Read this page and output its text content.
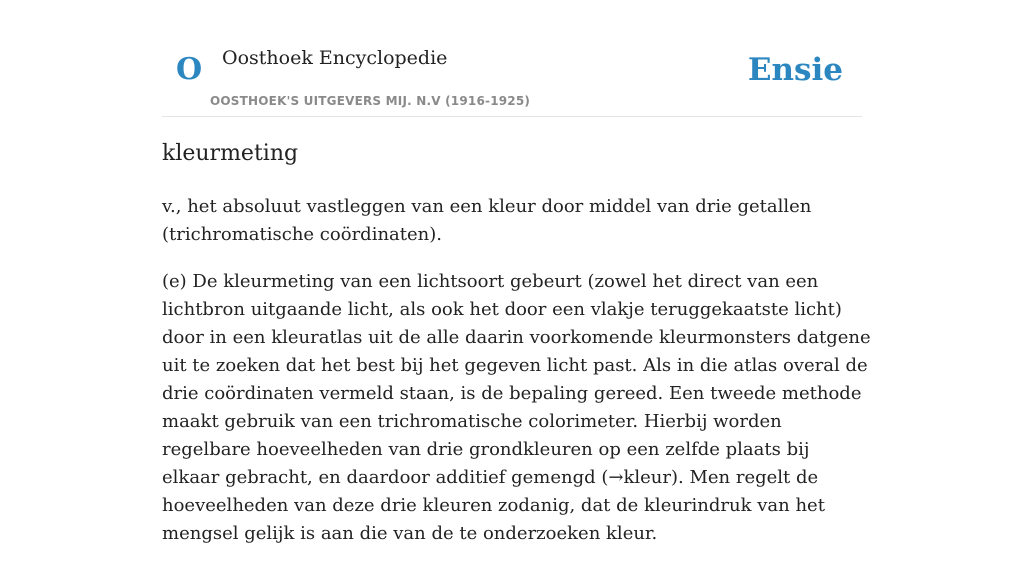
O Oosthoek Encyclopedie
OOSTHOEK'S UITGEVERS MIJ. N.V (1916-1925)
Ensie
kleurmeting

v., het absoluut vastleggen van een kleur door middel van drie getallen (trichromatische coördinaten).

(e) De kleurmeting van een lichtsoort gebeurt (zowel het direct van een lichtbron uitgaande licht, als ook het door een vlakje teruggekaatste licht) door in een kleuratlas uit de alle daarin voorkomende kleurmonsters datgene uit te zoeken dat het best bij het gegeven licht past. Als in die atlas overal de drie coördinaten vermeld staan, is de bepaling gereed. Een tweede methode maakt gebruik van een trichromatische colorimeter. Hierbij worden regelbare hoeveelheden van drie grondkleuren op een zelfde plaats bij elkaar gebracht, en daardoor additief gemengd (→kleur). Men regelt de hoeveelheden van deze drie kleuren zodanig, dat de kleurindruk van het mengsel gelijk is aan die van de te onderzoeken kleur.
